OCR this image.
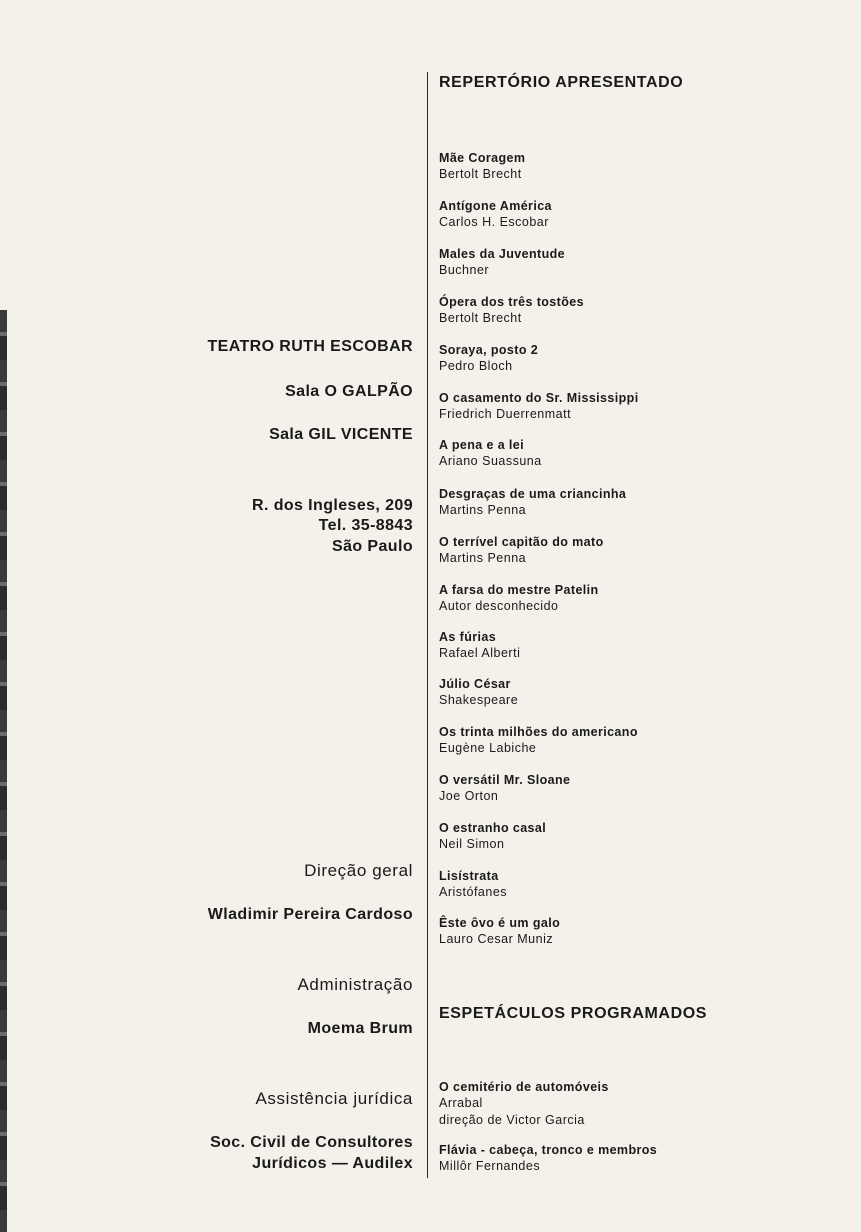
TEATRO RUTH ESCOBAR
Sala O GALPÃO
Sala GIL VICENTE
R. dos Ingleses, 209
Tel. 35-8843
São Paulo
Direção geral
Wladimir Pereira Cardoso
Administração
Moema Brum
Assistência jurídica
Soc. Civil de Consultores
Jurídicos — Audilex
REPERTÓRIO APRESENTADO
Mãe Coragem
Bertolt Brecht
Antígone América
Carlos H. Escobar
Males da Juventude
Buchner
Ópera dos três tostões
Bertolt Brecht
Soraya, posto 2
Pedro Bloch
O casamento do Sr. Mississippi
Friedrich Duerrenmatt
A pena e a lei
Ariano Suassuna
Desgraças de uma criancinha
Martins Penna
O terrível capitão do mato
Martins Penna
A farsa do mestre Patelin
Autor desconhecido
As fúrias
Rafael Alberti
Júlio César
Shakespeare
Os trinta milhões do americano
Eugène Labiche
O versátil Mr. Sloane
Joe Orton
O estranho casal
Neil Simon
Lisístrata
Aristófanes
Êste ôvo é um galo
Lauro Cesar Muniz
ESPETÁCULOS PROGRAMADOS
O cemitério de automóveis
Arrabal
direção de Victor Garcia
Flávia - cabeça, tronco e membros
Millôr Fernandes
